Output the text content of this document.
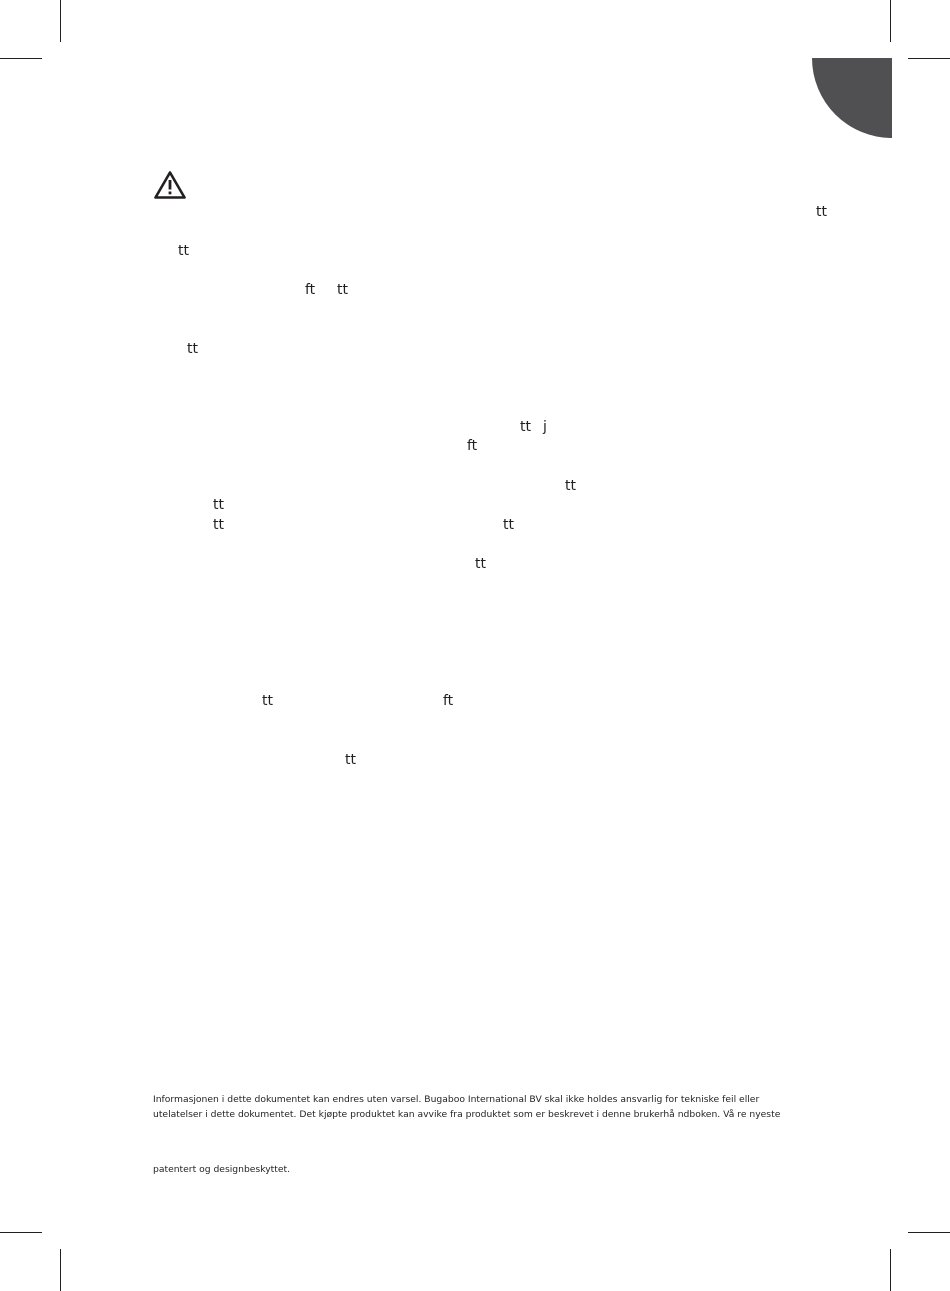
tt
tt
ft tt
tt
tt j
ft
tt
tt
tt	tt
tt
tt	ft
tt
Informasjonen i dette dokumentet kan endres uten varsel. Bugaboo International BV skal ikke holdes ansvarlig for tekniske feil eller
utelatelser i dette dokumentet. Det kjøpte produktet kan avvike fra produktet som er beskrevet i denne brukerhå ndboken. Vå re nyeste
patentert og designbeskyttet.
